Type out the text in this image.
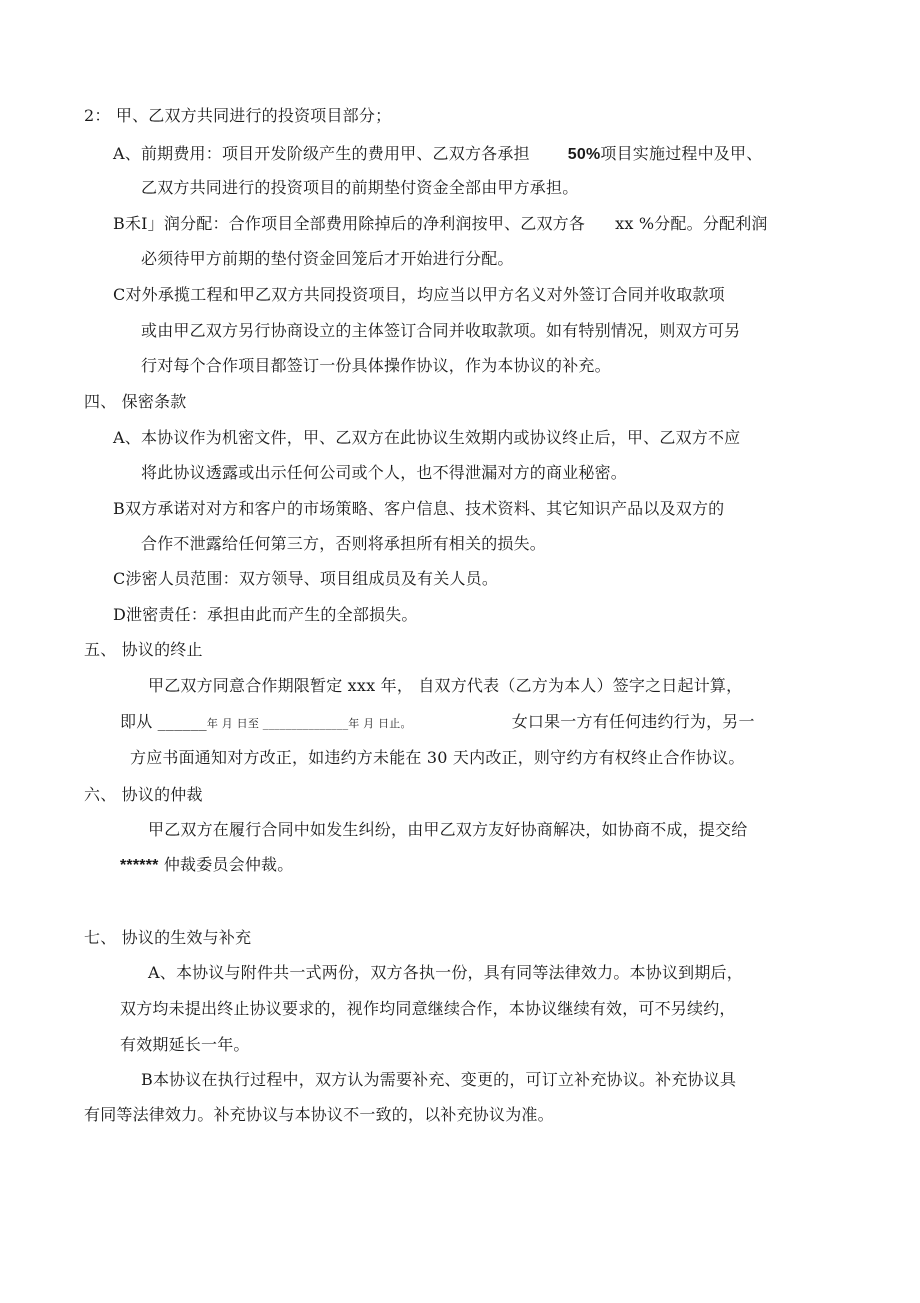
2： 甲、乙双方共同进行的投资项目部分；
A、前期费用：项目开发阶级产生的费用甲、乙双方各承担 50%项目实施过程中及甲、
乙双方共同进行的投资项目的前期垫付资金全部由甲方承担。
B禾I」润分配：合作项目全部费用除掉后的净利润按甲、乙双方各 xx %分配。分配利润
必须待甲方前期的垫付资金回笼后才开始进行分配。
C对外承揽工程和甲乙双方共同投资项目，均应当以甲方名义对外签订合同并收取款项
或由甲乙双方另行协商设立的主体签订合同并收取款项。如有特别情况，则双方可另
行对每个合作项目都签订一份具体操作协议，作为本协议的补充。
四、 保密条款
A、本协议作为机密文件，甲、乙双方在此协议生效期内或协议终止后，甲、乙双方不应
将此协议透露或出示任何公司或个人，也不得泄漏对方的商业秘密。
B双方承诺对对方和客户的市场策略、客户信息、技术资料、其它知识产品以及双方的
合作不泄露给任何第三方，否则将承担所有相关的损失。
C涉密人员范围：双方领导、项目组成员及有关人员。
D泄密责任：承担由此而产生的全部损失。
五、 协议的终止
甲乙双方同意合作期限暂定 xxx 年， 自双方代表（乙方为本人）签字之日起计算，
即从 ______年 月 日至 _______________年 月 日止。	女口果一方有任何违约行为，另一
方应书面通知对方改正，如违约方未能在 30 天内改正，则守约方有权终止合作协议。
六、 协议的仲裁
甲乙双方在履行合同中如发生纠纷，由甲乙双方友好协商解决，如协商不成，提交给
****** 仲裁委员会仲裁。
七、 协议的生效与补充
A、本协议与附件共一式两份，双方各执一份，具有同等法律效力。本协议到期后，
双方均未提出终止协议要求的，视作均同意继续合作，本协议继续有效，可不另续约，
有效期延长一年。
B本协议在执行过程中，双方认为需要补充、变更的，可订立补充协议。补充协议具
有同等法律效力。补充协议与本协议不一致的，以补充协议为准。
